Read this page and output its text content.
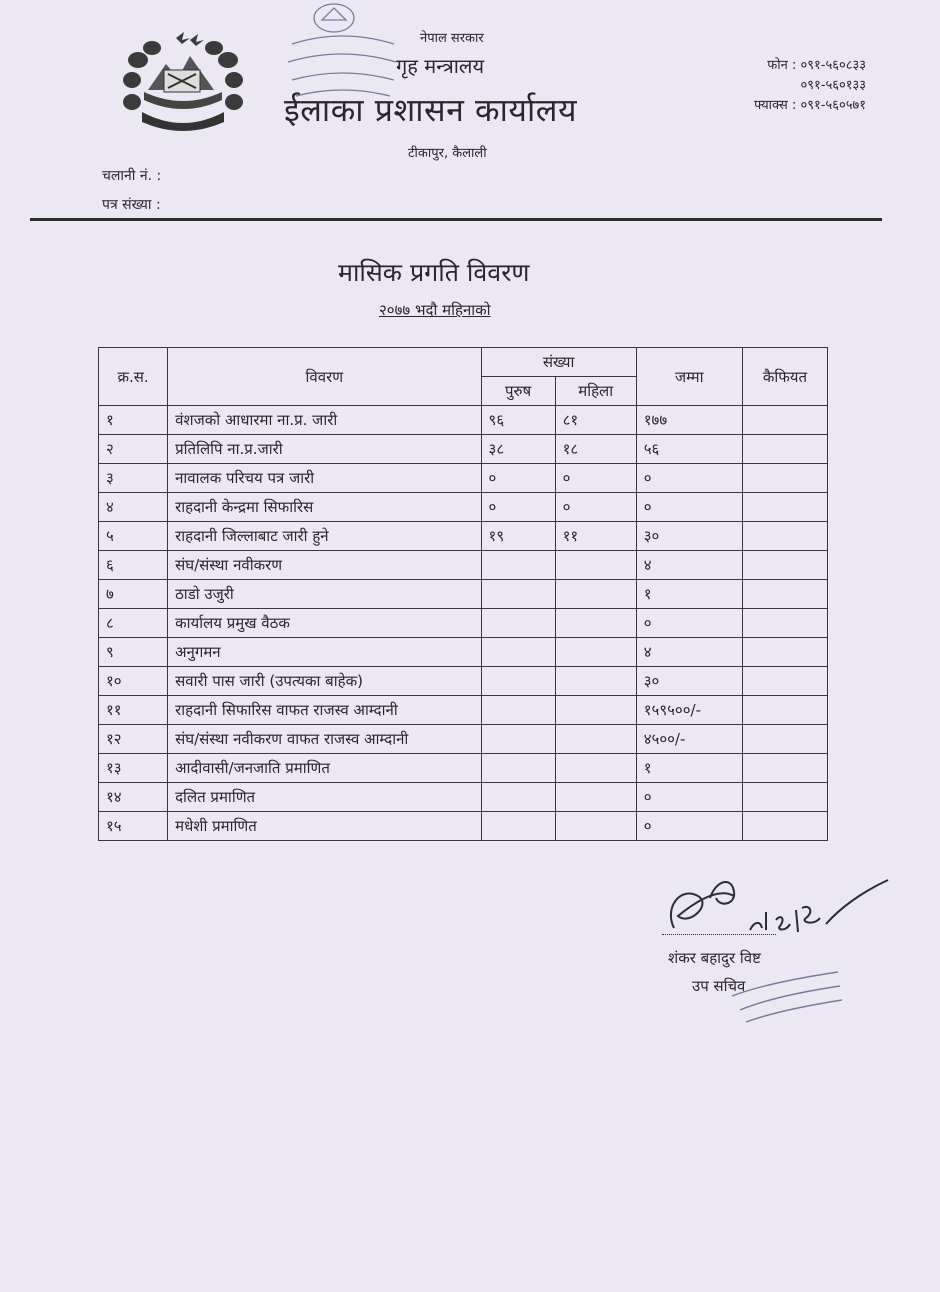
नेपाल सरकार
गृह मन्त्रालय
ईलाका प्रशासन कार्यालय
टीकापुर, कैलाली
फोन : ०९१-५६०८३३
०९१-५६०१३३
फ्याक्स : ०९१-५६०५७१
चलानी नं. :
पत्र संख्या :
मासिक प्रगति विवरण
२०७७ भदौ महिनाको
क्र.स.	विवरण	संख्या		जम्मा	कैफियत
		पुरुष	महिला		
१	वंशजको आधारमा ना.प्र. जारी	९६	८१	१७७	
२	प्रतिलिपि ना.प्र.जारी	३८	१८	५६	
३	नावालक परिचय पत्र जारी	०	०	०	
४	राहदानी केन्द्रमा सिफारिस	०	०	०	
५	राहदानी जिल्लाबाट जारी हुने	१९	११	३०	
६	संघ/संस्था नवीकरण			४	
७	ठाडो उजुरी			१	
८	कार्यालय प्रमुख वैठक			०	
९	अनुगमन			४	
१०	सवारी पास जारी (उपत्यका बाहेक)			३०	
११	राहदानी सिफारिस वाफत राजस्व आम्दानी			१५९५००/-	
१२	संघ/संस्था नवीकरण वाफत राजस्व आम्दानी			४५००/-	
१३	आदीवासी/जनजाति प्रमाणित			१	
१४	दलित प्रमाणित			०	
१५	मधेशी प्रमाणित			०	
शंकर बहादुर विष्ट
उप सचिव
